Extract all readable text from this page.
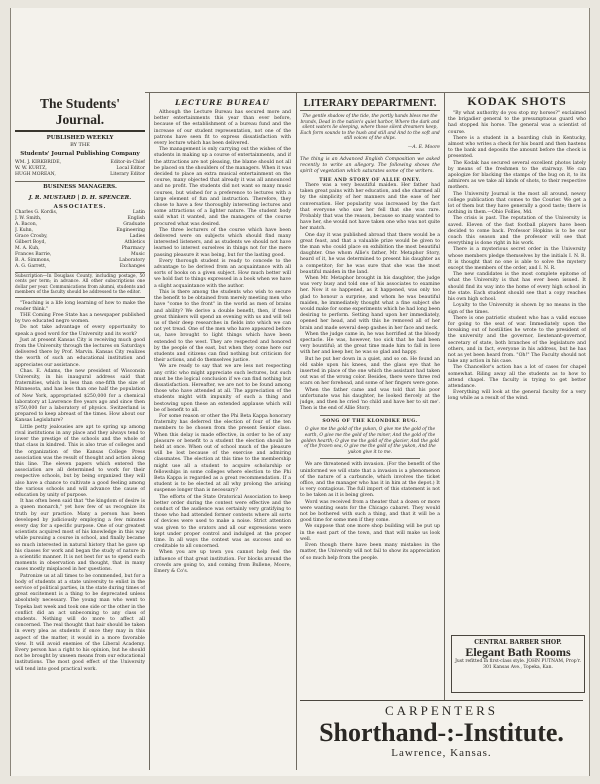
The Students' Journal.
PUBLISHED WEEKLY
BY THE
Students' Journal Publishing Company
WM. J. KIRKBRIDE,	Editor-in-Chief
W. W. KURTZ,	Local Editor
HUGH MOREAN,	Literary Editor
BUSINESS MANAGERS.
J. R. MUSTARD | D. H. SPENCER.
ASSOCIATES.
Charles G. Kordis,	Latin
J. W. Smith,	English
A. Bacon,	Graduate
J. Kuhn,	Engineering
Grace Crosby,	Ladies
Gilbert Boyd,	Athletics
M. A. Kuh,	Pharmacy
Frances Barrie,	Music
B. A. Simmons,	Laboratory
A. G. Garrett,	Exchanges
Subscription—In Douglass County, including postage, 50 cents per term; in advance. All other subscriptions one dollar per year. Communications from alumni, students and members of the faculty should be addressed to the editor.

"Teaching is a life long learning of how to make the reader think."

THE Coming Free State has a newspaper published by two educated negro women.

Do not take advantage of every opportunity to speak a good word for the University and its work?

Just at present Kansas City is receiving much good from the University through the lectures on Saturdays delivered there by Prof. Marvin. Kansas City realizes the worth of such an educational institution and appreciates our assistance.

Chas. E. Adams, the new president of Wisconsin University, in his inaugural address said that fraternities, which in less than one-fifth the size of Minnesota, and has less than one half the population of New York, appropriated $250,000 for a chemical laboratory at Lawrence five years ago and since then $750,000 for a laboratory of physics. Switzerland is prepared to keep abreast of the times. How about our Kansas Legislature?

Little petty jealousies are apt to spring up among rival institutions in any place and they always tend to lower the prestige of the schools and the whole of that class in kindred. This is also true of colleges and the organization of the Kansas College Press association was the result of thought and action along this line. The eleven papers which entered the association are all determined to work for their respective schools, but by being organized they will also have a chance to cultivate a good feeling among the various schools and will advance the cause of education by unity of purpose.

It has often been said that "the kingdom of desire is a queen monarch," yet how few of us recognize its truth by our practice. Many a person has been developed by judiciously employing a few minutes every day for a specific purpose. One of our greatest scientists acquired most of his knowledge in this way while pursuing a course in school, and finally became so much interested in natural history that he gave up his classes for work and began the study of nature in a scientific manner. It is not best for us to spend such moments in observation and thought, that in many cases mostly misplaced in her questions.

Patronize us at all times to be commended, but for a body of students at a state university to enlist in the service of political parties, in the state during times of great excitement is a thing to be deprecated unless absolutely necessary. The young man who went to Topeka last week and took one side or the other in the conflict did an act unbecoming to any class of students. Nothing will do more to affect all concerned. The real thought that hair should be taken in every plea as students if once they may in this aspect of the matter, it would in a more favorable view. It will avoid enemies of the Liberal Academy. Every person has a right to his opinion, but he should not be brought by unseen means from our educational institutions. The most good effect of the University will tend into good practical work.

LECTURE BUREAU

Although the Lecture Bureau has secured more and better entertainments this year than ever before, because of the establishment of a bureau fund and the increase of our student representation, not one of the patrons have seen fit to express dissatisfaction with every lecture which has been delivered.

The management is only carrying out the wishes of the students in making up a course of entertainments, and if the attractions are not pleasing, the blame should not all be placed on the shoulders of the managers. When it was decided to place an extra musical entertainment on the course, many objected that already it was all announced and no profit. The students did not want so many music courses, but wished for a preference to lectures with a large element of fun and instruction. Therefore, they chose to have a few thoroughly interesting lectures and some attractions of a lighter nature. The student body said what it wanted, and the managers of the course procured what was desired.

The three lecturers of the course which have been delivered were on subjects which should find many interested listeners, and as students we should not have learned to interest ourselves in things not for the mere passing pleasure it was being, but for the lasting good.

Every thorough student is ready to concede to the advantage to be derived from an acquaintance with all sorts of books on a given subject. How much better will we hold fast to things expressed in a book when we have a slight acquaintance with the author.

This is there among the students who wish to secure the benefit to be obtained from merely meeting men who have "come to the front" in the world as men of brains and ability? We derive a double benefit, then, if these great thinkers will spend an evening with us and will tell us of their deep researches in fields into which we can not yet tread. One of the men who have appeared before us, have brought to light things which have been extended to the west. They are respected and honored by the people of the east, but when they come here our students and citizens can find nothing but criticism for their actions, and do themselves justice.

We are ready to say that we are less not respecting any critic who might appreciate such lectures, but such must be the logical conclusion if we can find nothing but dissatisfaction. Hereafter, we are not to be found among those who have attended at all. The appreciation of the students might with impunity of such a thing and bestowing upon these an extended applause which will be of benefit to all.

For some reason or other the Phi Beta Kappa honorary fraternity has deferred the election of four of the ten members to be chosen from the present Senior class. When this delay is made effective, in order to be of any pleasure or benefit to a student the election should be held at once. When out of school much of the pleasure will be lost because of the exercise and admiring classmates. The election at this time to the membership might use all a student to acquire scholarship or fellowships in some colleges where election to the Phi Beta Kappa is regarded as a great recommendation. If a student is to be elected at all why prolong the arising suspense longer than is necessary?

The efforts of the State Oratorical Association to keep better order during the contest were effective and the conduct of the audience was certainly very gratifying to those who had attended former contests where all sorts of devices were used to make a noise. Strict attention was given to the orators and all our expressions were kept under proper control and indulged at the proper time. In all ways the contest was as success and so creditable to all concerned.

When you are up town you cannot help feel the influence of that great institution. For blocks around the crowds are going to, and coming from Bullene, Moore, Emery & Co's.

LITERARY DEPARTMENT.
The gentle shadow of the tide, the portly hands bless me the brands, Dead in the nation's quiet harbor, Where the dark and silent waters lie sleeping, where those silent dreamers keep, Each form sounds to the hush and still and And to the soft and still voices of the ships.
—A. E. Moore
The thing is an Advanced English Composition we asked recently to write an allegory. The following shows the spirit of vegetation which saturates some of the writers.
THE AND STORY OF ALLIE ONEY.

There was a very beautiful maiden. Her father had taken great pains with her education, and she charmed all by the simplicity of her manners and the ease of her conversation. Her popularity was increased by the fact that everyone who saw her fell that she was rare. Probably that was the reason, because so many wanted to have her, she would not have taken one who was not quite her match.

One day it was published abroad that there would be a great feast, and that a valuable prize would be given to the man who could place on exhibition the most beautiful daughter. One whom Allie's father, Mr. Metaphor Story, heard of it, he was determined to present his daughter as a competitor; for he was sure that she was the most beautiful maiden in the land.

When Mr. Metaphor brought in his daughter, the judge was very busy and told one of his associates to examine her. Now it so happened, as it happened, was only too glad to honour a surprise, and whom he was beautiful maiden, he immediately thought what a fine subject she would make for some experiments which he had long been desiring to perform. Setting hand upon her immediately, opened her head, and with this he removed all of her brain and made several deep gashes in her face and neck.

When the judge came in, he was horrified at the bloody spectacle. He was, however, too sick that he had been very bountiful; at the great time made him to fall in love with her and keep her, he was so glad and happy.

But he put her down in a quiet, and so on. He found an old sable upon his knees, and the glass eye that he inserted in place of the one which the assistant had taken out was of the wrong color. Besides, there were three red scars on her forehead, and some of her fingers were gone.

When the father came and was told that his poor unfortunate was his daughter, he looked fiercely at the judge, and then he cried 'no child and have her to sit me'. Then is the end of Allie Story.

SONG OF THE KLONDIKE BUG.
O give me the gold of the yukon, O give me the gold of the earth, O give me the gold of the miner, And the gold of the golden hearth; O give me the gold of the glacier, And the gold of the frozen sea, O give me the gold of the yukon, And the yukon give it to me.

We are threatened with invasion. (For the benefit of the uninformed we will state that a invasion is a phenomenon of the nature of a carbuncle, which involves the ticket office, and the manager who has it in him at the depot.) It is very contagious. The full import of this statement is not to be taken as it is being given.

Word was received from a theater that a dozen or more were wanting seats for the Chicago cabaret. They would not be bothered with such a thing, and that it will be a good time for some men if they come.

We suppose that one more shop building will be put up in the east part of the town, and that will make us look well.

Even though there have been many mistakes in the matter, the University will not fail to show its appreciation of so much help from the people.

KODAK SHOTS

"By what authority do you stop my horses?" exclaimed the brigadier general to the presumptuous guard who had stopped his horse. The general was a scientist of course.

There is a student in a boarding club in Kentucky, almost who writes a check for his board and then hastens to the bank and deposits the amount before the check is presented.

The Kodak has secured several excellent photos lately by means of the freshmen to the stairway. We can apologize for blacking the stamps of the bug on it, to its admirers as we take all kinds of shots, to their respective mothers.

The University Journal is the most all around, newsy college publication that comes to the Courier. We get a lot of them but they have generally a good taste; there is nothing in them.—Ohio Follies, Md.

The crisis is past. The reputation of the University is saved. Eleven of the fast football players have been decided to come back. Professor Hopkins is to be our coach this season and the professor will see that everything is done right in his work.

There is a mysterious secret order in the University whose members pledge themselves by the initials I. N. R. It is thought that no one is able to solve the mystery except the members of the order, and I. N. R.

The new candidates is the most complete epitome of what the University is that has ever been issued. It should find its way into the home of every high school in the state. Each student should see that a copy reaches his own high school.

Loyalty to the University is shown by no means in the sign of the times.

There is one patriotic student who has a valid excuse for going to the seat of war. Immediately upon the breaking out of hostilities he wrote to the president of the university and the governor, lieutenant-governor, secretary of state, both branches of the legislature and others, and in fact, everyone in his address, but he has not as yet been heard from. "Oh!" The Faculty should not take any action in his case.

The Chancellor's action has a lot of cases for chapel somewhat. Riling away all the students as to how to attend chapel. The faculty is trying to get better attendance.

Everything will look at the general faculty for a very long while as a result of the wind.

CENTRAL BARBER SHOP.
Elegant Bath Rooms
Just refitted in first-class style. JOHN PUTNAM, Prop'r.
301 Kansas Ave., Topeka, Kan.
CARPENTERS
Shorthand-:-Institute.
Lawrence, Kansas.
